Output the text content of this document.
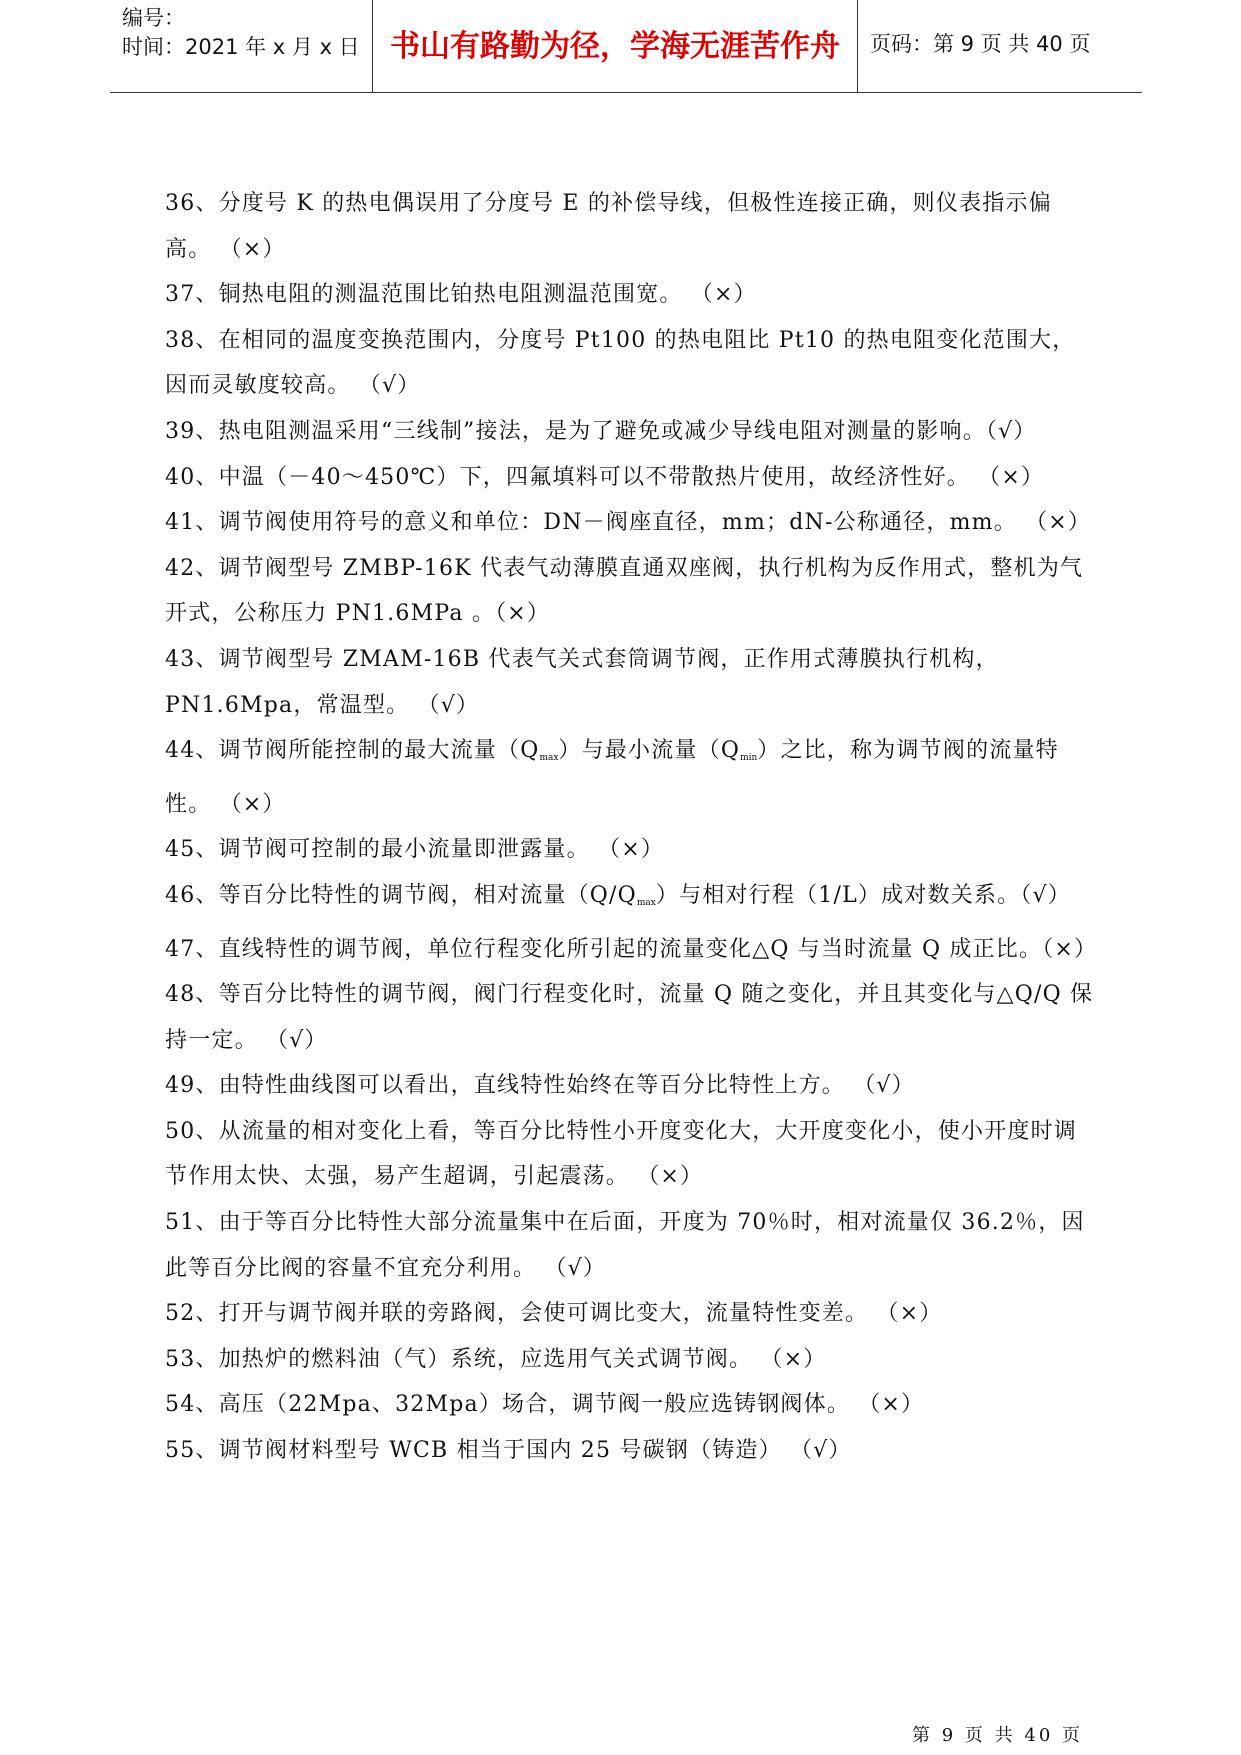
编号：
时间：2021 年 x 月 x 日	书山有路勤为径，学海无涯苦作舟	页码：第 9 页 共 40 页
36、分度号 K 的热电偶误用了分度号 E 的补偿导线，但极性连接正确，则仪表指示偏高。 （×）
37、铜热电阻的测温范围比铂热电阻测温范围宽。 （×）
38、在相同的温度变换范围内，分度号 Pt100 的热电阻比 Pt10 的热电阻变化范围大，因而灵敏度较高。 （√）
39、热电阻测温采用“三线制”接法，是为了避免或减少导线电阻对测量的影响。（√）
40、中温（－40～450℃）下，四氟填料可以不带散热片使用，故经济性好。 （×）
41、调节阀使用符号的意义和单位：DN－阀座直径，mm；dN-公称通径，mm。 （×）
42、调节阀型号 ZMBP-16K 代表气动薄膜直通双座阀，执行机构为反作用式，整机为气开式，公称压力 PN1.6MPa 。（×）
43、调节阀型号 ZMAM-16B 代表气关式套筒调节阀，正作用式薄膜执行机构，PN1.6Mpa，常温型。 （√）
44、调节阀所能控制的最大流量$(Q_{max})$与最小流量$(Q_{min})$之比，称为调节阀的流量特性。 （×）
45、调节阀可控制的最小流量即泄露量。 （×）
46、等百分比特性的调节阀，相对流量$(Q/Q_{max})$与相对行程（1/L）成对数关系。（√）
47、直线特性的调节阀，单位行程变化所引起的流量变化△Q 与当时流量 Q 成正比。（×）
48、等百分比特性的调节阀，阀门行程变化时，流量 Q 随之变化，并且其变化与△Q/Q 保持一定。 （√）
49、由特性曲线图可以看出，直线特性始终在等百分比特性上方。 （√）
50、从流量的相对变化上看，等百分比特性小开度变化大，大开度变化小，使小开度时调节作用太快、太强，易产生超调，引起震荡。 （×）
51、由于等百分比特性大部分流量集中在后面，开度为 70％时，相对流量仅 36.2％，因此等百分比阀的容量不宜充分利用。 （√）
52、打开与调节阀并联的旁路阀，会使可调比变大，流量特性变差。 （×）
53、加热炉的燃料油（气）系统，应选用气关式调节阀。 （×）
54、高压（22Mpa、32Mpa）场合，调节阀一般应选铸钢阀体。 （×）
55、调节阀材料型号 WCB 相当于国内 25 号碳钢（铸造） （√）
第 9 页 共 40 页
